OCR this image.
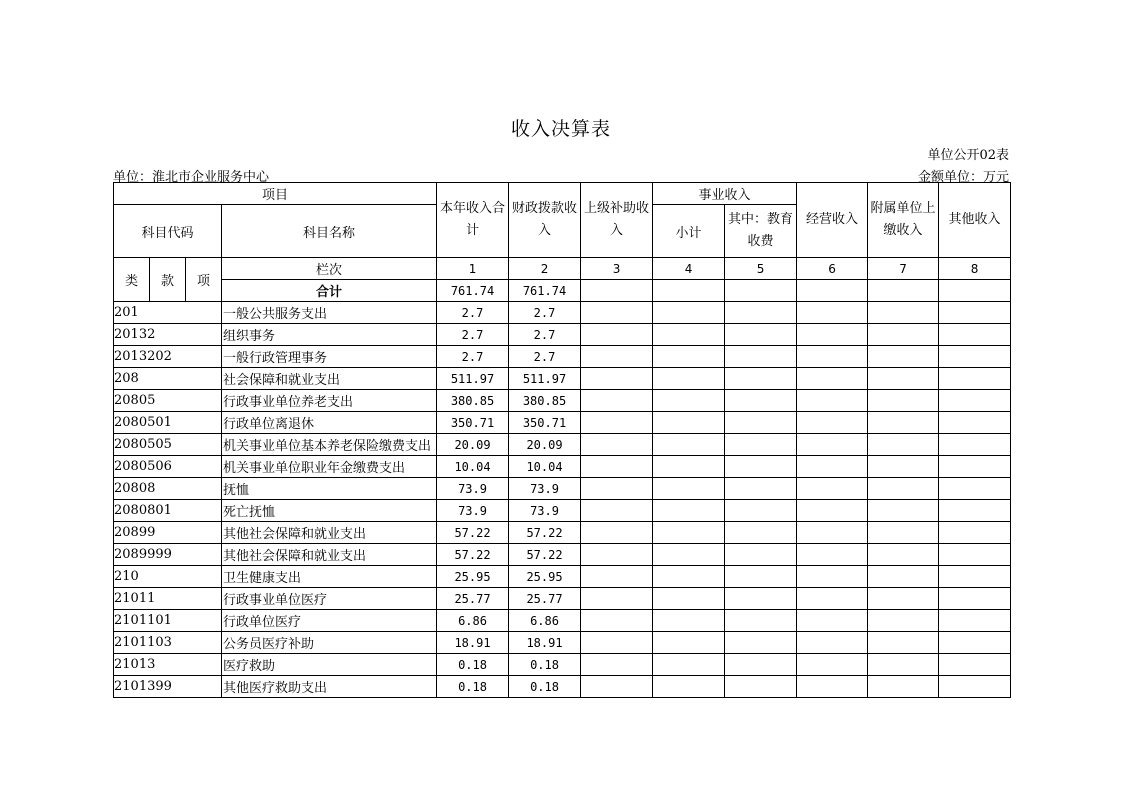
收入决算表
单位公开02表
单位：淮北市企业服务中心	金额单位：万元
项目				本年收入合计	财政拨款收入	上级补助收入	事业收入		经营收入	附属单位上缴收入	其他收入
科目代码			科目名称				小计	其中：教育收费			
类	款	项	栏次	1	2	3	4	5	6	7	8
			合计	761.74	761.74						
201			一般公共服务支出	2.7	2.7						
20132			组织事务	2.7	2.7						
2013202			一般行政管理事务	2.7	2.7						
208			社会保障和就业支出	511.97	511.97						
20805			行政事业单位养老支出	380.85	380.85						
2080501			行政单位离退休	350.71	350.71						
2080505			机关事业单位基本养老保险缴费支出	20.09	20.09						
2080506			机关事业单位职业年金缴费支出	10.04	10.04						
20808			抚恤	73.9	73.9						
2080801			死亡抚恤	73.9	73.9						
20899			其他社会保障和就业支出	57.22	57.22						
2089999			其他社会保障和就业支出	57.22	57.22						
210			卫生健康支出	25.95	25.95						
21011			行政事业单位医疗	25.77	25.77						
2101101			行政单位医疗	6.86	6.86						
2101103			公务员医疗补助	18.91	18.91						
21013			医疗救助	0.18	0.18						
2101399			其他医疗救助支出	0.18	0.18						
